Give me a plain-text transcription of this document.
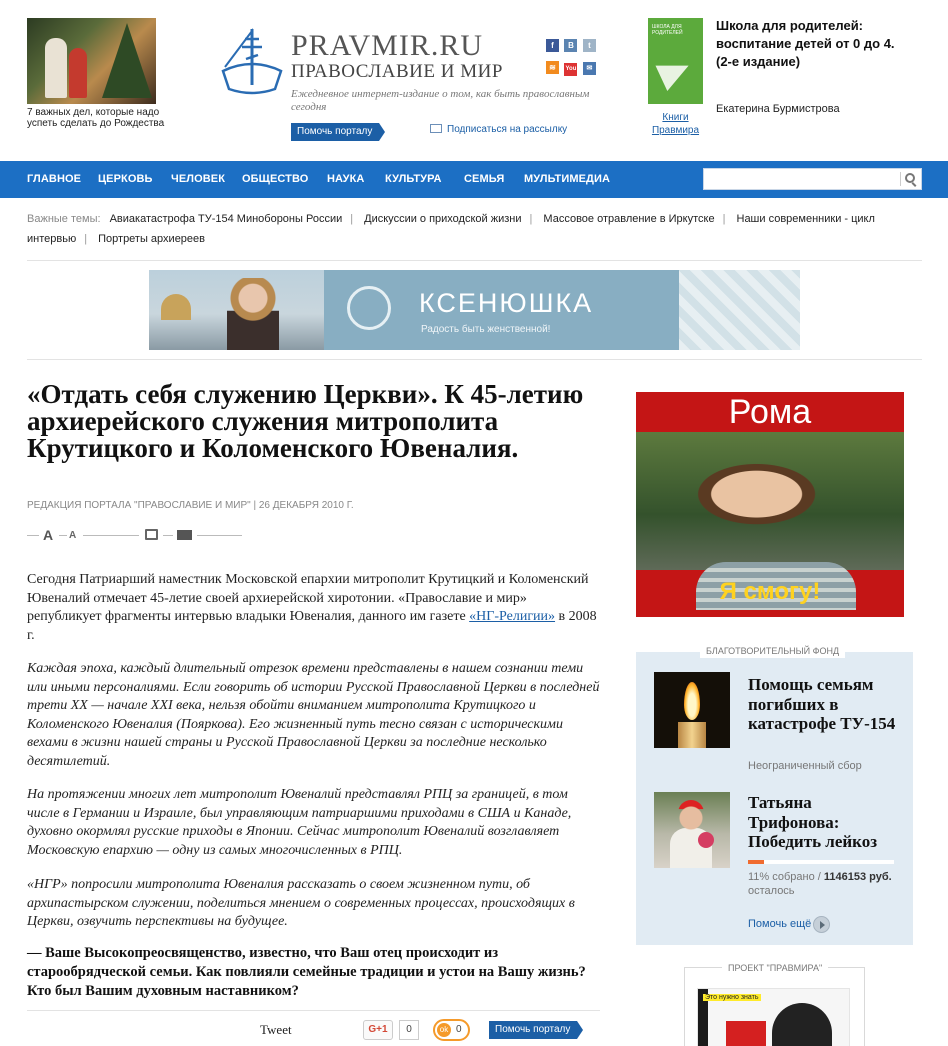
7 важных дел, которые надо успеть сделать до Рождества
PRAVMIR.RU
ПРАВОСЛАВИЕ И МИР
Ежедневное интернет-издание о том, как быть православным сегодня
Помочь порталу	Подписаться на рассылку
f В t
≋ You ✉
ШКОЛА ДЛЯ РОДИТЕЛЕЙ
Книги
Правмира
Школа для родителей: воспитание детей от 0 до 4. (2-е издание)
Екатерина Бурмистрова
ГЛАВНОЕ ЦЕРКОВЬ ЧЕЛОВЕК ОБЩЕСТВО НАУКА КУЛЬТУРА СЕМЬЯ МУЛЬТИМЕДИА
Важные темы: Авиакатастрофа ТУ-154 Минобороны России | Дискуссии о приходской жизни | Массовое отравление в Иркутске | Наши современники - цикл интервью | Портреты архиереев
КСЕНЮШКА
Радость быть женственной!
«Отдать себя служению Церкви». К 45-летию архиерейского служения митрополита Крутицкого и Коломенского Ювеналия.
РЕДАКЦИЯ ПОРТАЛА "ПРАВОСЛАВИЕ И МИР" | 26 ДЕКАБРЯ 2010 Г.
A A

Сегодня Патриарший наместник Московской епархии митрополит Крутицкий и Коломенский Ювеналий отмечает 45-летие своей архиерейской хиротонии. «Православие и мир» републикует фрагменты интервью владыки Ювеналия, данного им газете «НГ-Религии» в 2008 г.

Каждая эпоха, каждый длительный отрезок времени представлены в нашем сознании теми или иными персоналиями. Если говорить об истории Русской Православной Церкви в последней трети XX — начале XXI века, нельзя обойти вниманием митрополита Крутицкого и Коломенского Ювеналия (Пояркова). Его жизненный путь тесно связан с историческими вехами в жизни нашей страны и Русской Православной Церкви за последние несколько десятилетий.

На протяжении многих лет митрополит Ювеналий представлял РПЦ за границей, в том числе в Германии и Израиле, был управляющим патриаршими приходами в США и Канаде, духовно окормлял русские приходы в Японии. Сейчас митрополит Ювеналий возглавляет Московскую епархию — одну из самых многочисленных в РПЦ.

«НГР» попросили митрополита Ювеналия рассказать о своем жизненном пути, об архипастырском служении, поделиться мнением о современных процессах, происходящих в Церкви, озвучить перспективы на будущее.

— Ваше Высокопреосвященство, известно, что Ваш отец происходит из старообрядческой семьи. Как повлияли семейные традиции и устои на Вашу жизнь? Кто был Вашим духовным наставником?

Tweet	G+1	0	ok 0	Помочь порталу
Рома
Я смогу!
БЛАГОТВОРИТЕЛЬНЫЙ ФОНД
Помощь семьям погибших в катастрофе ТУ-154
Неограниченный сбор
Татьяна Трифонова: Победить лейкоз
11% собрано / 1146153 руб.
осталось
Помочь ещё
ПРОЕКТ "ПРАВМИРА"
Это нужно знать
